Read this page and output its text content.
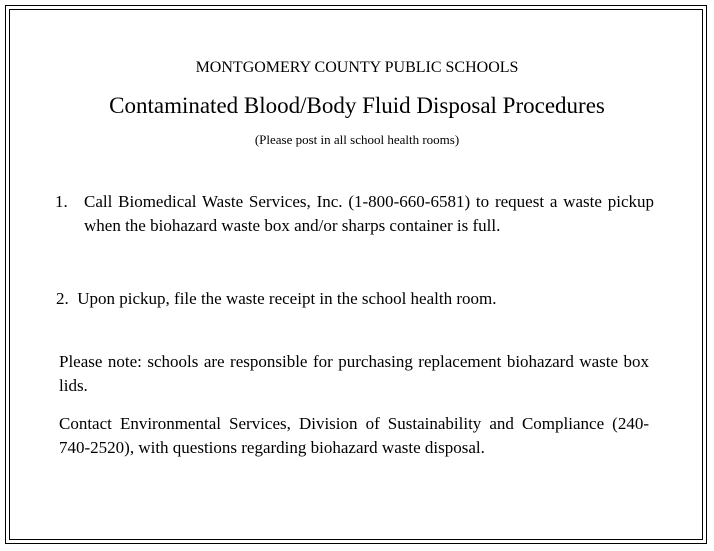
MONTGOMERY COUNTY PUBLIC SCHOOLS
Contaminated Blood/Body Fluid Disposal Procedures
(Please post in all school health rooms)
1. Call Biomedical Waste Services, Inc. (1-800-660-6581) to request a waste pickup when the biohazard waste box and/or sharps container is full.
2. Upon pickup, file the waste receipt in the school health room.
Please note: schools are responsible for purchasing replacement biohazard waste box lids.
Contact Environmental Services, Division of Sustainability and Compliance (240-740-2520), with questions regarding biohazard waste disposal.
